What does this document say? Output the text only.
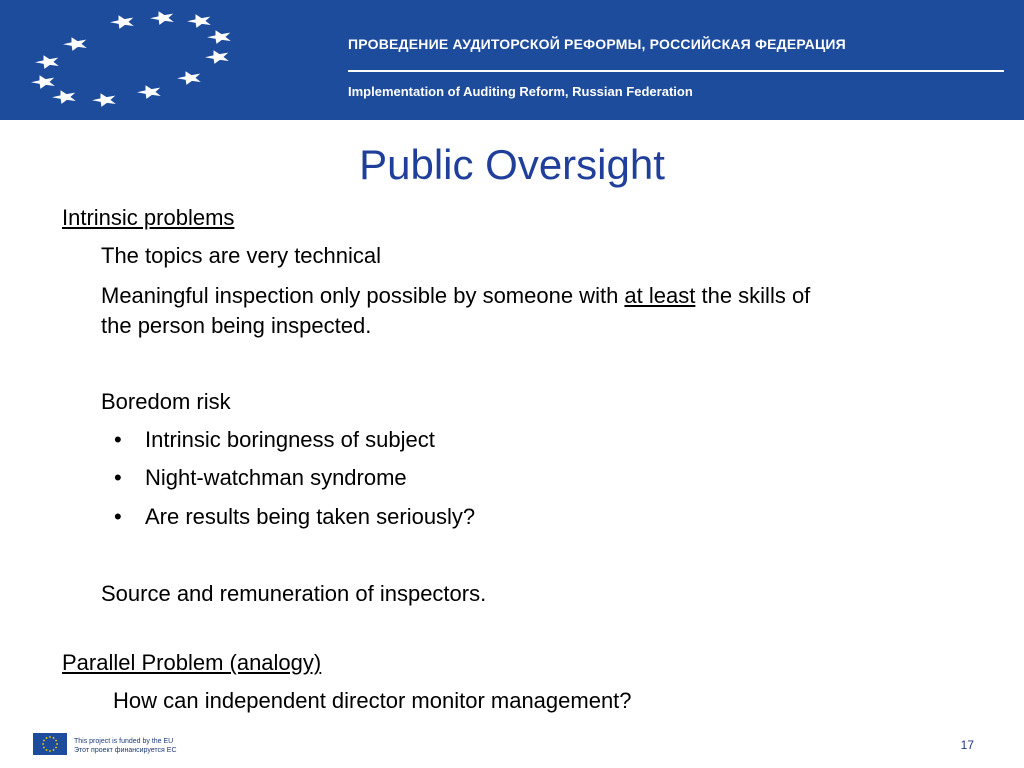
ПРОВЕДЕНИЕ АУДИТОРСКОЙ РЕФОРМЫ, РОССИЙСКАЯ ФЕДЕРАЦИЯ
Implementation of Auditing Reform, Russian Federation
Public Oversight
Intrinsic problems
The topics are very technical
Meaningful inspection only possible by someone with at least the skills of
the person being inspected.
Boredom risk
• Intrinsic boringness of subject
• Night-watchman syndrome
• Are results being taken seriously?
Source and remuneration of inspectors.
Parallel Problem (analogy)
How can independent director monitor management?
This project is funded by the EU
Этот проект финансируется ЕС	17
